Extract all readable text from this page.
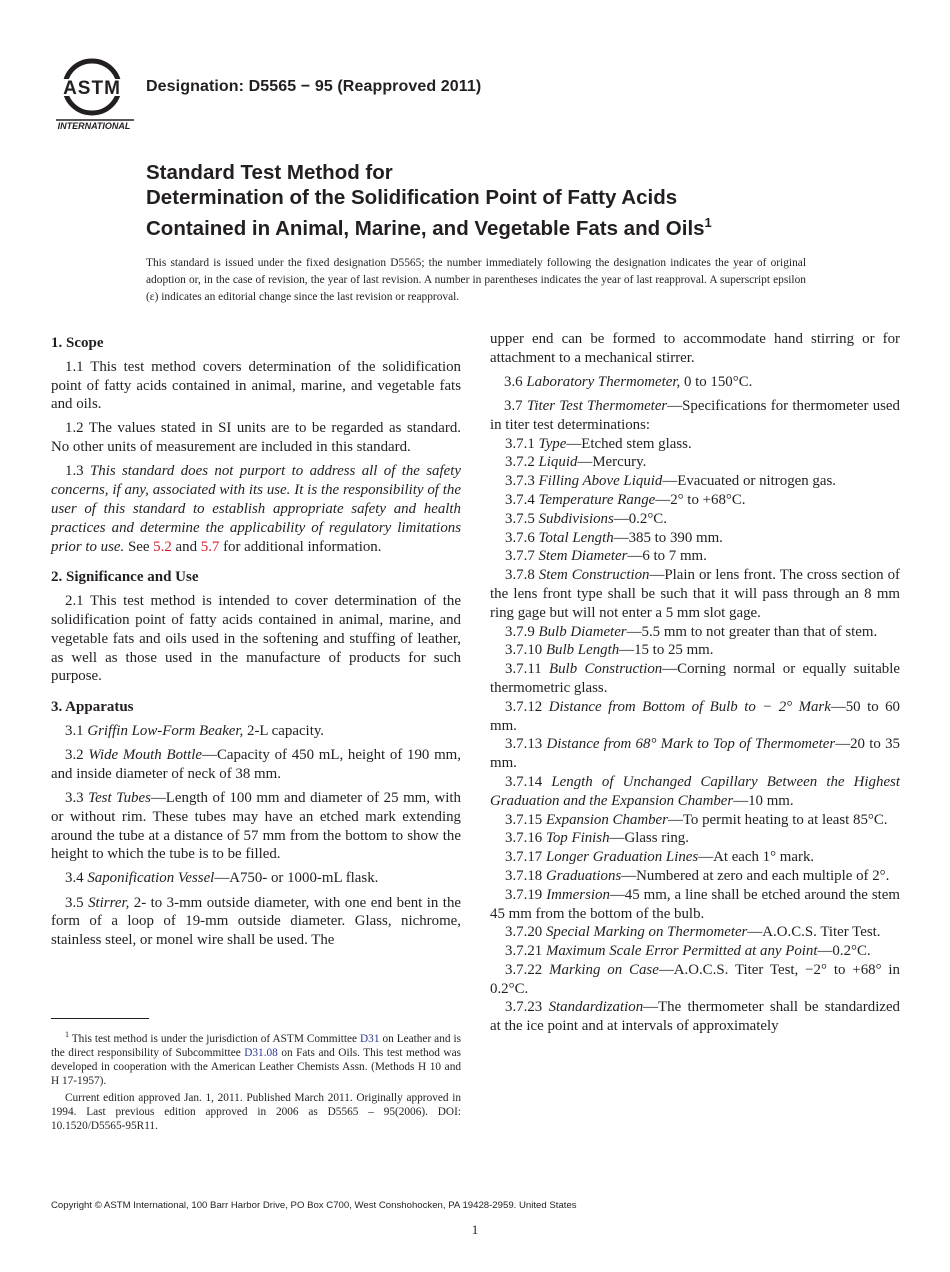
ASTM
INTERNATIONAL
Designation: D5565 − 95 (Reapproved 2011)
Standard Test Method for
Determination of the Solidification Point of Fatty Acids
Contained in Animal, Marine, and Vegetable Fats and Oils$^1$
This standard is issued under the fixed designation D5565; the number immediately following the designation indicates the year of original adoption or, in the case of revision, the year of last revision. A number in parentheses indicates the year of last reapproval. A superscript epsilon (ε) indicates an editorial change since the last revision or reapproval.
1. Scope

1.1 This test method covers determination of the solidification point of fatty acids contained in animal, marine, and vegetable fats and oils.

1.2 The values stated in SI units are to be regarded as standard. No other units of measurement are included in this standard.

1.3 This standard does not purport to address all of the safety concerns, if any, associated with its use. It is the responsibility of the user of this standard to establish appropriate safety and health practices and determine the applicability of regulatory limitations prior to use. See 5.2 and 5.7 for additional information.

2. Significance and Use

2.1 This test method is intended to cover determination of the solidification point of fatty acids contained in animal, marine, and vegetable fats and oils used in the softening and stuffing of leather, as well as those used in the manufacture of products for such purpose.

3. Apparatus

3.1 Griffin Low-Form Beaker, 2-L capacity.

3.2 Wide Mouth Bottle—Capacity of 450 mL, height of 190 mm, and inside diameter of neck of 38 mm.

3.3 Test Tubes—Length of 100 mm and diameter of 25 mm, with or without rim. These tubes may have an etched mark extending around the tube at a distance of 57 mm from the bottom to show the height to which the tube is to be filled.

3.4 Saponification Vessel—A750- or 1000-mL flask.

3.5 Stirrer, 2- to 3-mm outside diameter, with one end bent in the form of a loop of 19-mm outside diameter. Glass, nichrome, stainless steel, or monel wire shall be used. The

$^1$ This test method is under the jurisdiction of ASTM Committee D31 on Leather and is the direct responsibility of Subcommittee D31.08 on Fats and Oils. This test method was developed in cooperation with the American Leather Chemists Assn. (Methods H 10 and H 17-1957).

Current edition approved Jan. 1, 2011. Published March 2011. Originally approved in 1994. Last previous edition approved in 2006 as D5565 – 95(2006). DOI: 10.1520/D5565-95R11.

upper end can be formed to accommodate hand stirring or for attachment to a mechanical stirrer.

3.6 Laboratory Thermometer, 0 to 150°C.

3.7 Titer Test Thermometer—Specifications for thermometer used in titer test determinations:

3.7.1 Type—Etched stem glass.

3.7.2 Liquid—Mercury.

3.7.3 Filling Above Liquid—Evacuated or nitrogen gas.

3.7.4 Temperature Range—2° to +68°C.

3.7.5 Subdivisions—0.2°C.

3.7.6 Total Length—385 to 390 mm.

3.7.7 Stem Diameter—6 to 7 mm.

3.7.8 Stem Construction—Plain or lens front. The cross section of the lens front type shall be such that it will pass through an 8 mm ring gage but will not enter a 5 mm slot gage.

3.7.9 Bulb Diameter—5.5 mm to not greater than that of stem.

3.7.10 Bulb Length—15 to 25 mm.

3.7.11 Bulb Construction—Corning normal or equally suitable thermometric glass.

3.7.12 Distance from Bottom of Bulb to − 2° Mark—50 to 60 mm.

3.7.13 Distance from 68° Mark to Top of Thermometer—20 to 35 mm.

3.7.14 Length of Unchanged Capillary Between the Highest Graduation and the Expansion Chamber—10 mm.

3.7.15 Expansion Chamber—To permit heating to at least 85°C.

3.7.16 Top Finish—Glass ring.

3.7.17 Longer Graduation Lines—At each 1° mark.

3.7.18 Graduations—Numbered at zero and each multiple of 2°.

3.7.19 Immersion—45 mm, a line shall be etched around the stem 45 mm from the bottom of the bulb.

3.7.20 Special Marking on Thermometer—A.O.C.S. Titer Test.

3.7.21 Maximum Scale Error Permitted at any Point—0.2°C.

3.7.22 Marking on Case—A.O.C.S. Titer Test, −2° to +68° in 0.2°C.

3.7.23 Standardization—The thermometer shall be standardized at the ice point and at intervals of approximately

Copyright © ASTM International, 100 Barr Harbor Drive, PO Box C700, West Conshohocken, PA 19428-2959. United States
1
